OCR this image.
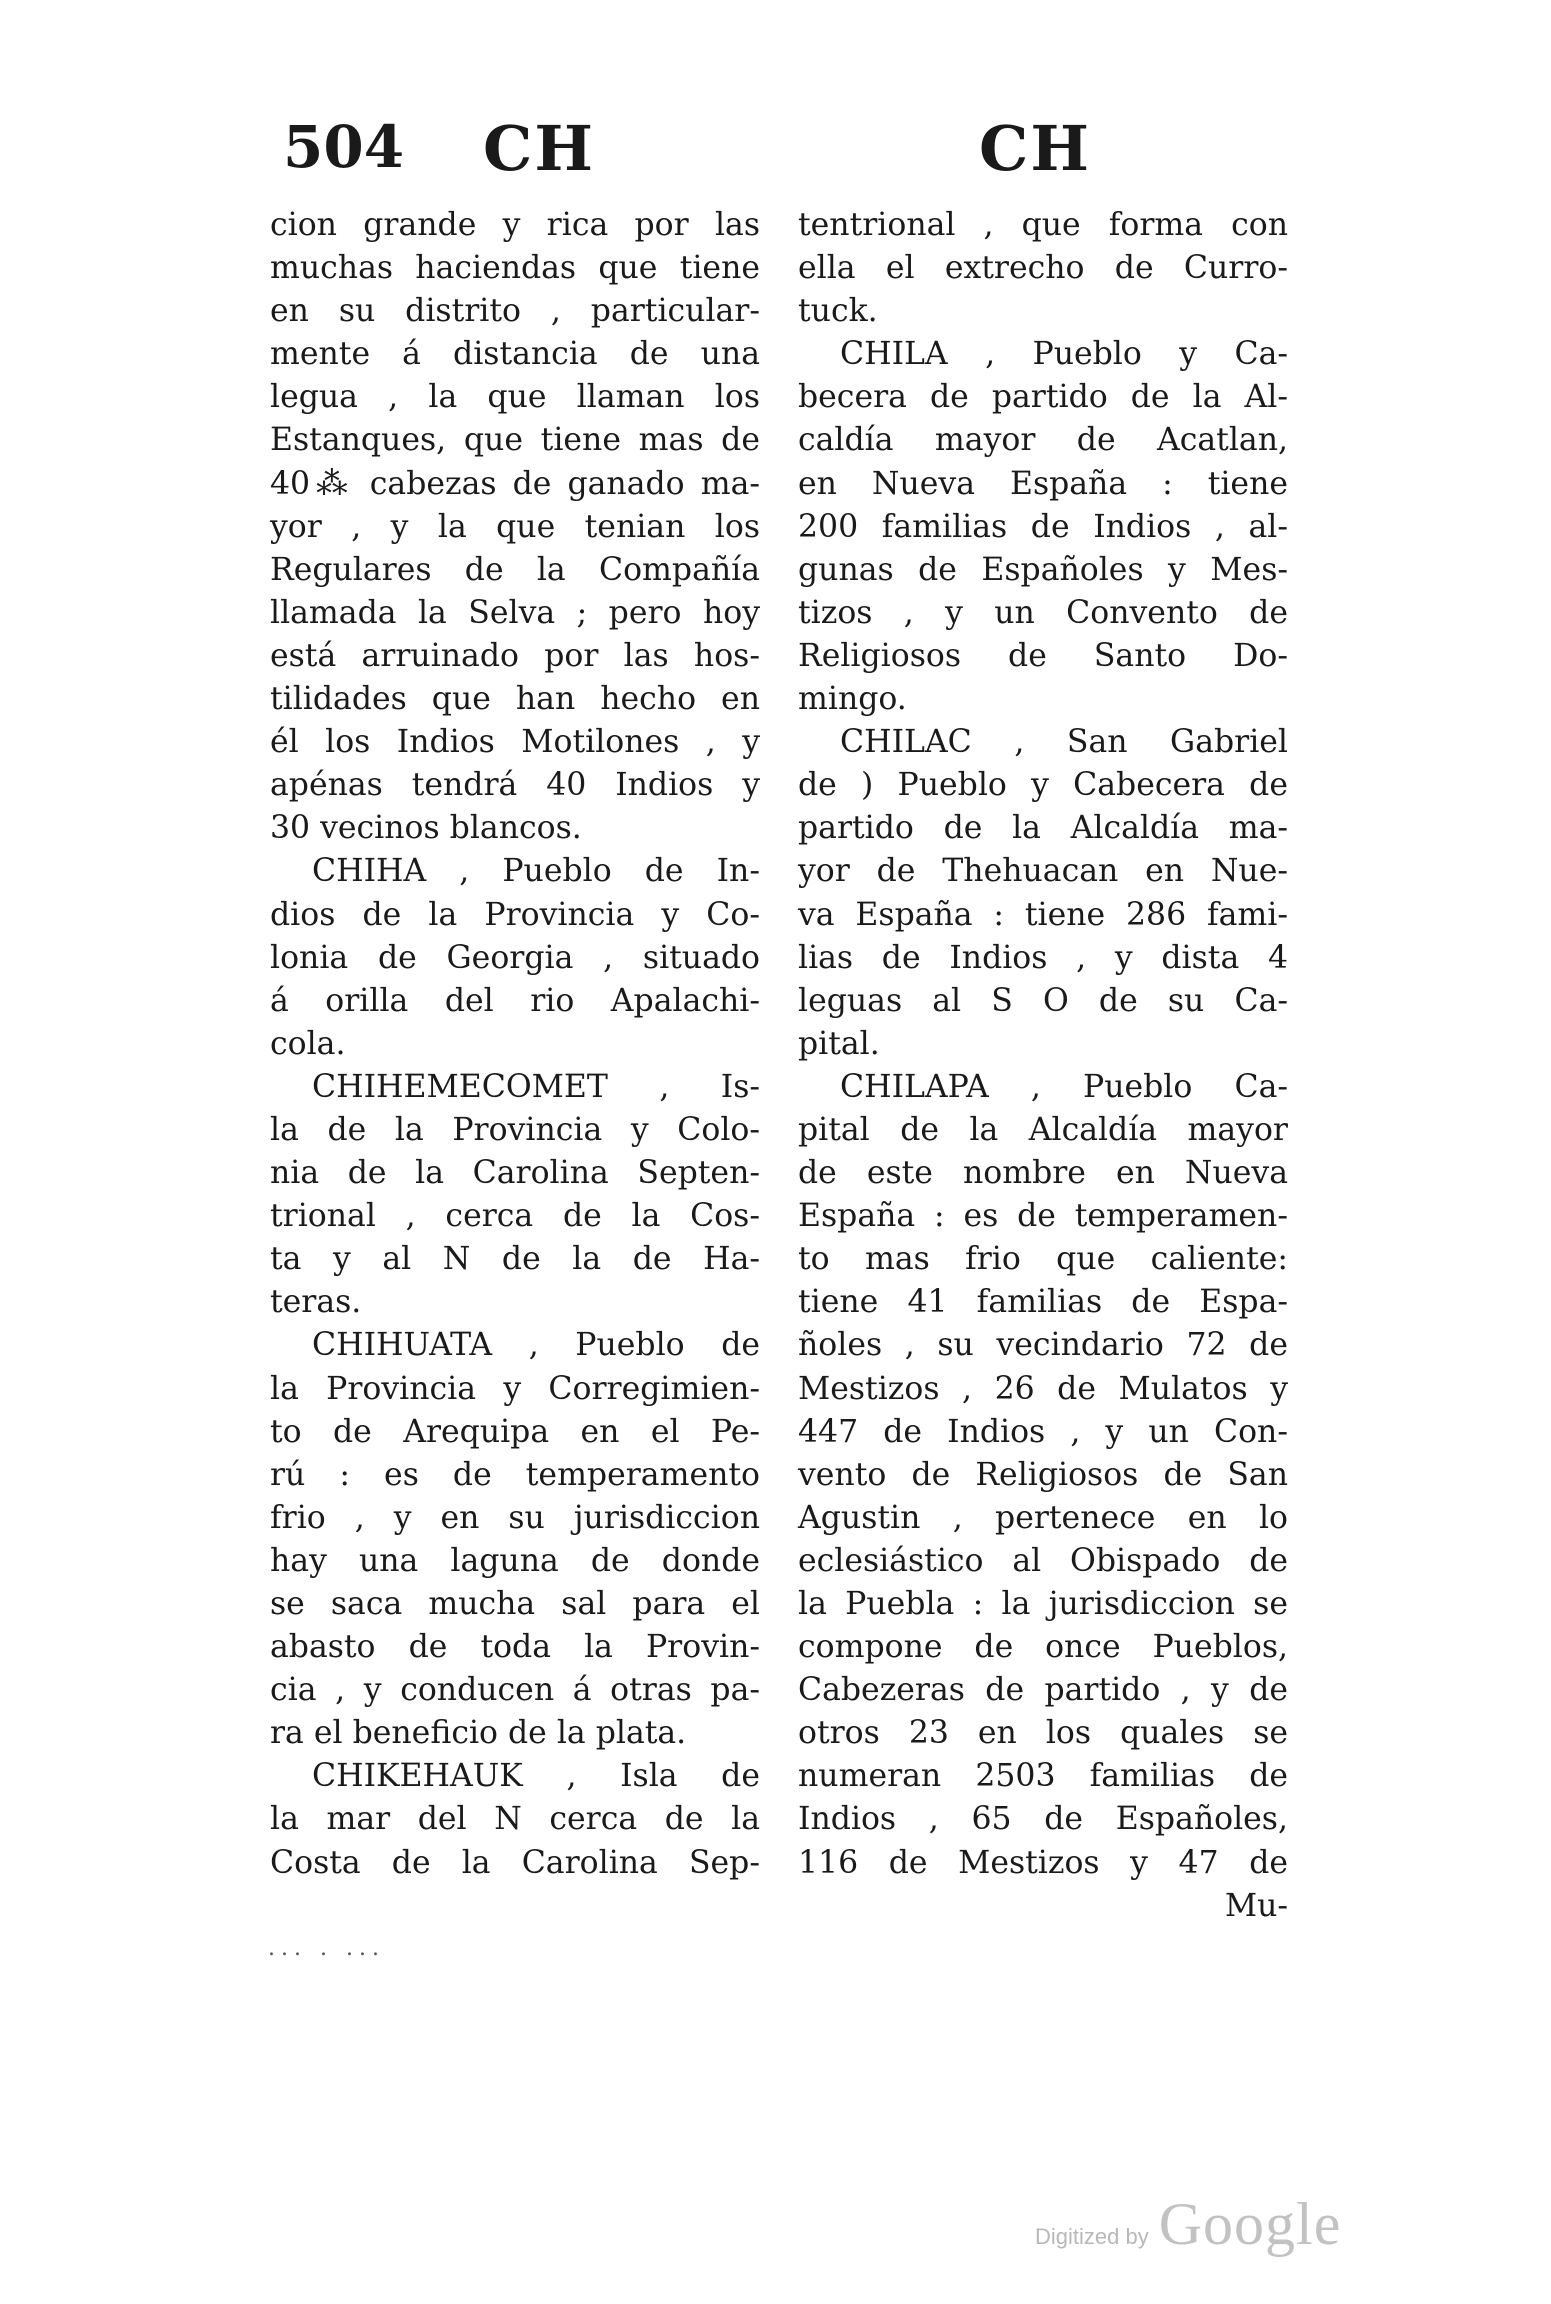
504 CH	CH
cion grande y rica por las
muchas haciendas que tiene
en su distrito , particular-
mente á distancia de una
legua , la que llaman los
Estanques, que tiene mas de
40⁂ cabezas de ganado ma-
yor , y la que tenian los
Regulares de la Compañía
llamada la Selva ; pero hoy
está arruinado por las hos-
tilidades que han hecho en
él los Indios Motilones , y
apénas tendrá 40 Indios y
30 vecinos blancos.
CHIHA , Pueblo de In-
dios de la Provincia y Co-
lonia de Georgia , situado
á orilla del rio Apalachi-
cola.
CHIHEMECOMET , Is-
la de la Provincia y Colo-
nia de la Carolina Septen-
trional , cerca de la Cos-
ta y al N de la de Ha-
teras.
CHIHUATA , Pueblo de
la Provincia y Corregimien-
to de Arequipa en el Pe-
rú : es de temperamento
frio , y en su jurisdiccion
hay una laguna de donde
se saca mucha sal para el
abasto de toda la Provin-
cia , y conducen á otras pa-
ra el beneficio de la plata.
CHIKEHAUK , Isla de
la mar del N cerca de la
Costa de la Carolina Sep-
tentrional , que forma con
ella el extrecho de Curro-
tuck.
CHILA , Pueblo y Ca-
becera de partido de la Al-
caldía mayor de Acatlan,
en Nueva España : tiene
200 familias de Indios , al-
gunas de Españoles y Mes-
tizos , y un Convento de
Religiosos de Santo Do-
mingo.
CHILAC , San Gabriel
de ) Pueblo y Cabecera de
partido de la Alcaldía ma-
yor de Thehuacan en Nue-
va España : tiene 286 fami-
lias de Indios , y dista 4
leguas al S O de su Ca-
pital.
CHILAPA , Pueblo Ca-
pital de la Alcaldía mayor
de este nombre en Nueva
España : es de temperamen-
to mas frio que caliente:
tiene 41 familias de Espa-
ñoles , su vecindario 72 de
Mestizos , 26 de Mulatos y
447 de Indios , y un Con-
vento de Religiosos de San
Agustin , pertenece en lo
eclesiástico al Obispado de
la Puebla : la jurisdiccion se
compone de once Pueblos,
Cabezeras de partido , y de
otros 23 en los quales se
numeran 2503 familias de
Indios , 65 de Españoles,
116 de Mestizos y 47 de
Mu-
... . ...
Digitized by Google
